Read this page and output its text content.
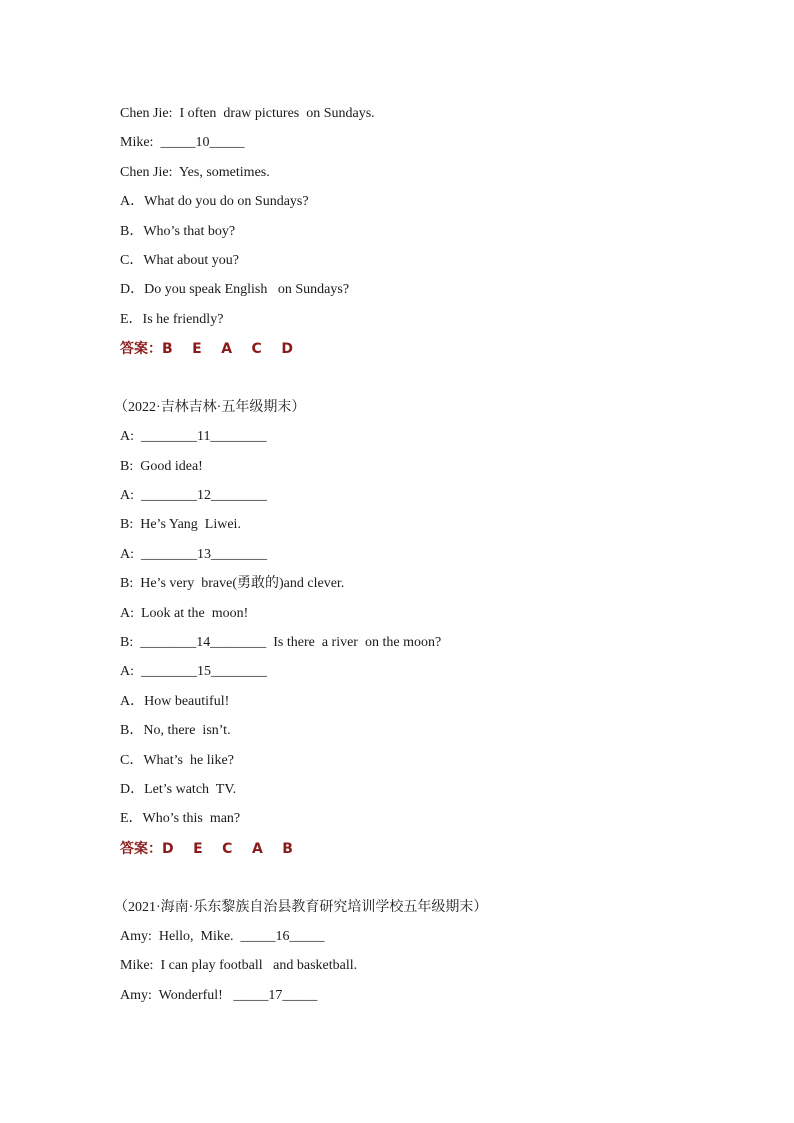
Chen Jie:  I often  draw pictures  on Sundays.
Mike:  _____10_____
Chen Jie:  Yes, sometimes.
A．What do you do on Sundays?
B．Who’s that boy?
C．What about you?
D．Do you speak English   on Sundays?
E．Is he friendly?
答案：B    E    A    C    D
（2022·吉林吉林·五年级期末）
A:  ________11________
B:  Good idea!
A:  ________12________
B:  He’s Yang  Liwei.
A:  ________13________
B:  He’s very  brave(勇敢的)and clever.
A:  Look at the  moon!
B:  ________14________  Is there  a river  on the moon?
A:  ________15________
A．How beautiful!
B．No, there  isn’t.
C．What’s  he like?
D．Let’s watch  TV.
E．Who’s this  man?
答案：D    E    C    A    B
（2021·海南·乐东黎族自治县教育研究培训学校五年级期末）
Amy:  Hello,  Mike.  _____16_____
Mike:  I can play football   and basketball.
Amy:  Wonderful!   _____17_____
